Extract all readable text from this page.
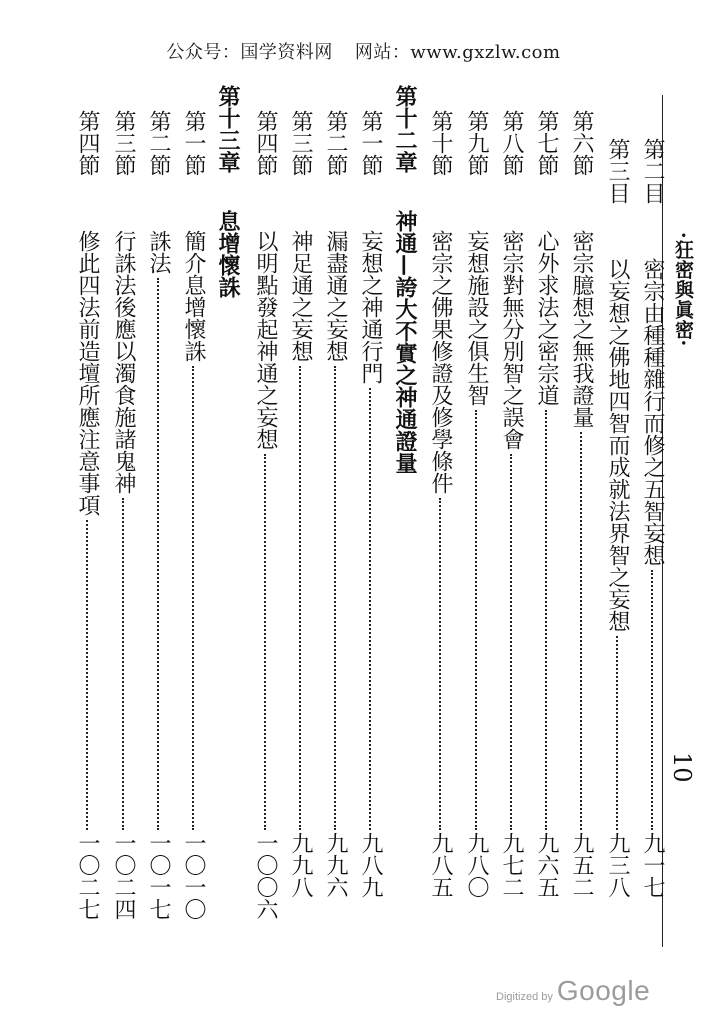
公众号：国学资料网 网站：www.gxzlw.com
·狂密與眞密·
10
第二目
密宗由種種雜行而修之五智妄想
九一七
第三目
以妄想之佛地四智而成就法界智之妄想
九三八
第六節
密宗臆想之無我證量
九五二
第七節
心外求法之密宗道
九六五
第八節
密宗對無分別智之誤會
九七二
第九節
妄想施設之俱生智
九八〇
第十節
密宗之佛果修證及修學條件
九八五
第十二章
神通—誇大不實之神通證量
第一節
妄想之神通行門
九八九
第二節
漏盡通之妄想
九九六
第三節
神足通之妄想
九九八
第四節
以明點發起神通之妄想
一〇〇六
第十三章
息增懷誅
第一節
簡介息增懷誅
一〇一〇
第二節
誅法
一〇一七
第三節
行誅法後應以濁食施諸鬼神
一〇二四
第四節
修此四法前造壇所應注意事項
一〇二七
Digitized by Google
